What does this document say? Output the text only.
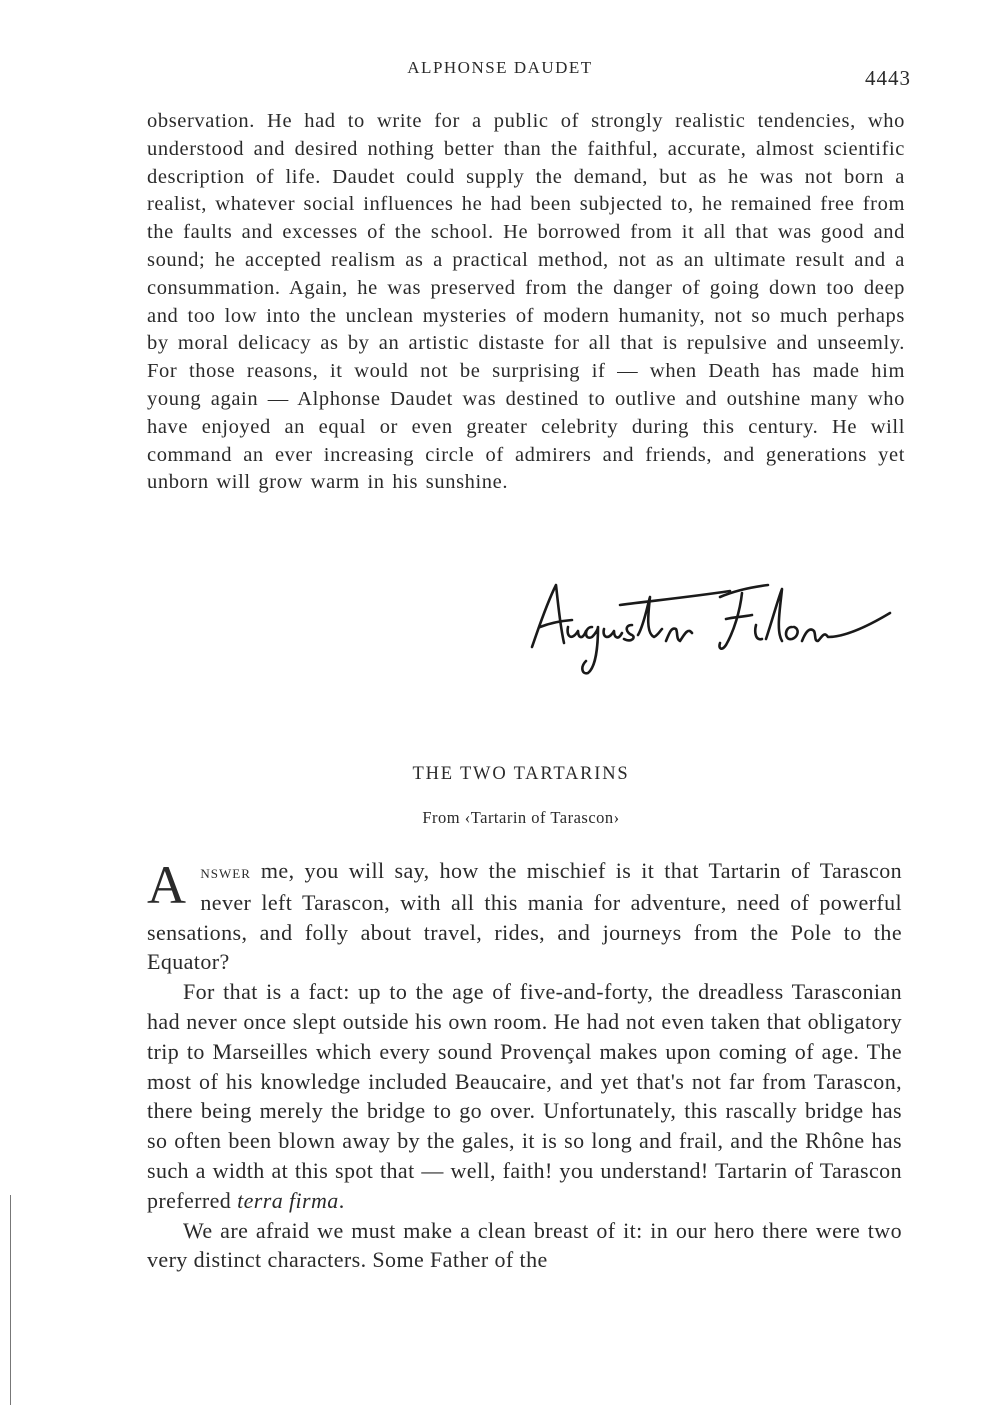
ALPHONSE DAUDET	4443

observation. He had to write for a public of strongly realistic tendencies, who understood and desired nothing better than the faithful, accurate, almost scientific description of life. Daudet could supply the demand, but as he was not born a realist, whatever social influences he had been subjected to, he remained free from the faults and excesses of the school. He borrowed from it all that was good and sound; he accepted realism as a practical method, not as an ultimate result and a consummation. Again, he was preserved from the danger of going down too deep and too low into the unclean mysteries of modern humanity, not so much perhaps by moral delicacy as by an artistic distaste for all that is repulsive and unseemly. For those reasons, it would not be surprising if — when Death has made him young again — Alphonse Daudet was destined to outlive and outshine many who have enjoyed an equal or even greater celebrity during this century. He will command an ever increasing circle of admirers and friends, and generations yet unborn will grow warm in his sunshine.

THE TWO TARTARINS
From ‹Tartarin of Tarascon›

Answer me, you will say, how the mischief is it that Tartarin of Tarascon never left Tarascon, with all this mania for adventure, need of powerful sensations, and folly about travel, rides, and journeys from the Pole to the Equator?

For that is a fact: up to the age of five-and-forty, the dreadless Tarasconian had never once slept outside his own room. He had not even taken that obligatory trip to Marseilles which every sound Provençal makes upon coming of age. The most of his knowledge included Beaucaire, and yet that's not far from Tarascon, there being merely the bridge to go over. Unfortunately, this rascally bridge has so often been blown away by the gales, it is so long and frail, and the Rhône has such a width at this spot that — well, faith! you understand! Tartarin of Tarascon preferred terra firma.

We are afraid we must make a clean breast of it: in our hero there were two very distinct characters. Some Father of the
